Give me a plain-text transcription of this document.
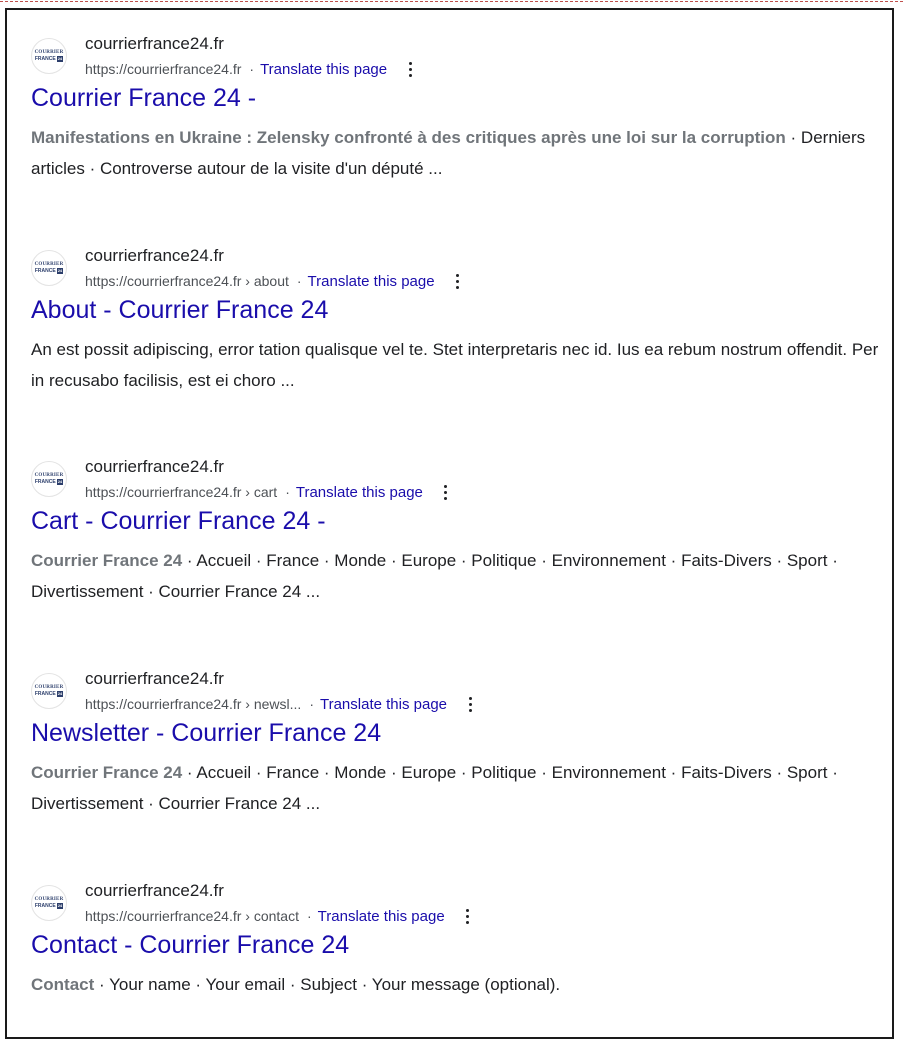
COURRIER
FRANCE 24
courrierfrance24.fr
https://courrierfrance24.fr · Translate this page
Courrier France 24 -
Manifestations en Ukraine : Zelensky confronté à des critiques après une loi sur la corruption · Derniers articles · Controverse autour de la visite d'un député ...
COURRIER
FRANCE 24
courrierfrance24.fr
https://courrierfrance24.fr › about · Translate this page
About - Courrier France 24
An est possit adipiscing, error tation qualisque vel te. Stet interpretaris nec id. Ius ea rebum nostrum offendit. Per in recusabo facilisis, est ei choro ...
COURRIER
FRANCE 24
courrierfrance24.fr
https://courrierfrance24.fr › cart · Translate this page
Cart - Courrier France 24 -
Courrier France 24 · Accueil · France · Monde · Europe · Politique · Environnement · Faits-Divers · Sport · Divertissement · Courrier France 24 ...
COURRIER
FRANCE 24
courrierfrance24.fr
https://courrierfrance24.fr › newsl... · Translate this page
Newsletter - Courrier France 24
Courrier France 24 · Accueil · France · Monde · Europe · Politique · Environnement · Faits-Divers · Sport · Divertissement · Courrier France 24 ...
COURRIER
FRANCE 24
courrierfrance24.fr
https://courrierfrance24.fr › contact · Translate this page
Contact - Courrier France 24
Contact · Your name · Your email · Subject · Your message (optional).
